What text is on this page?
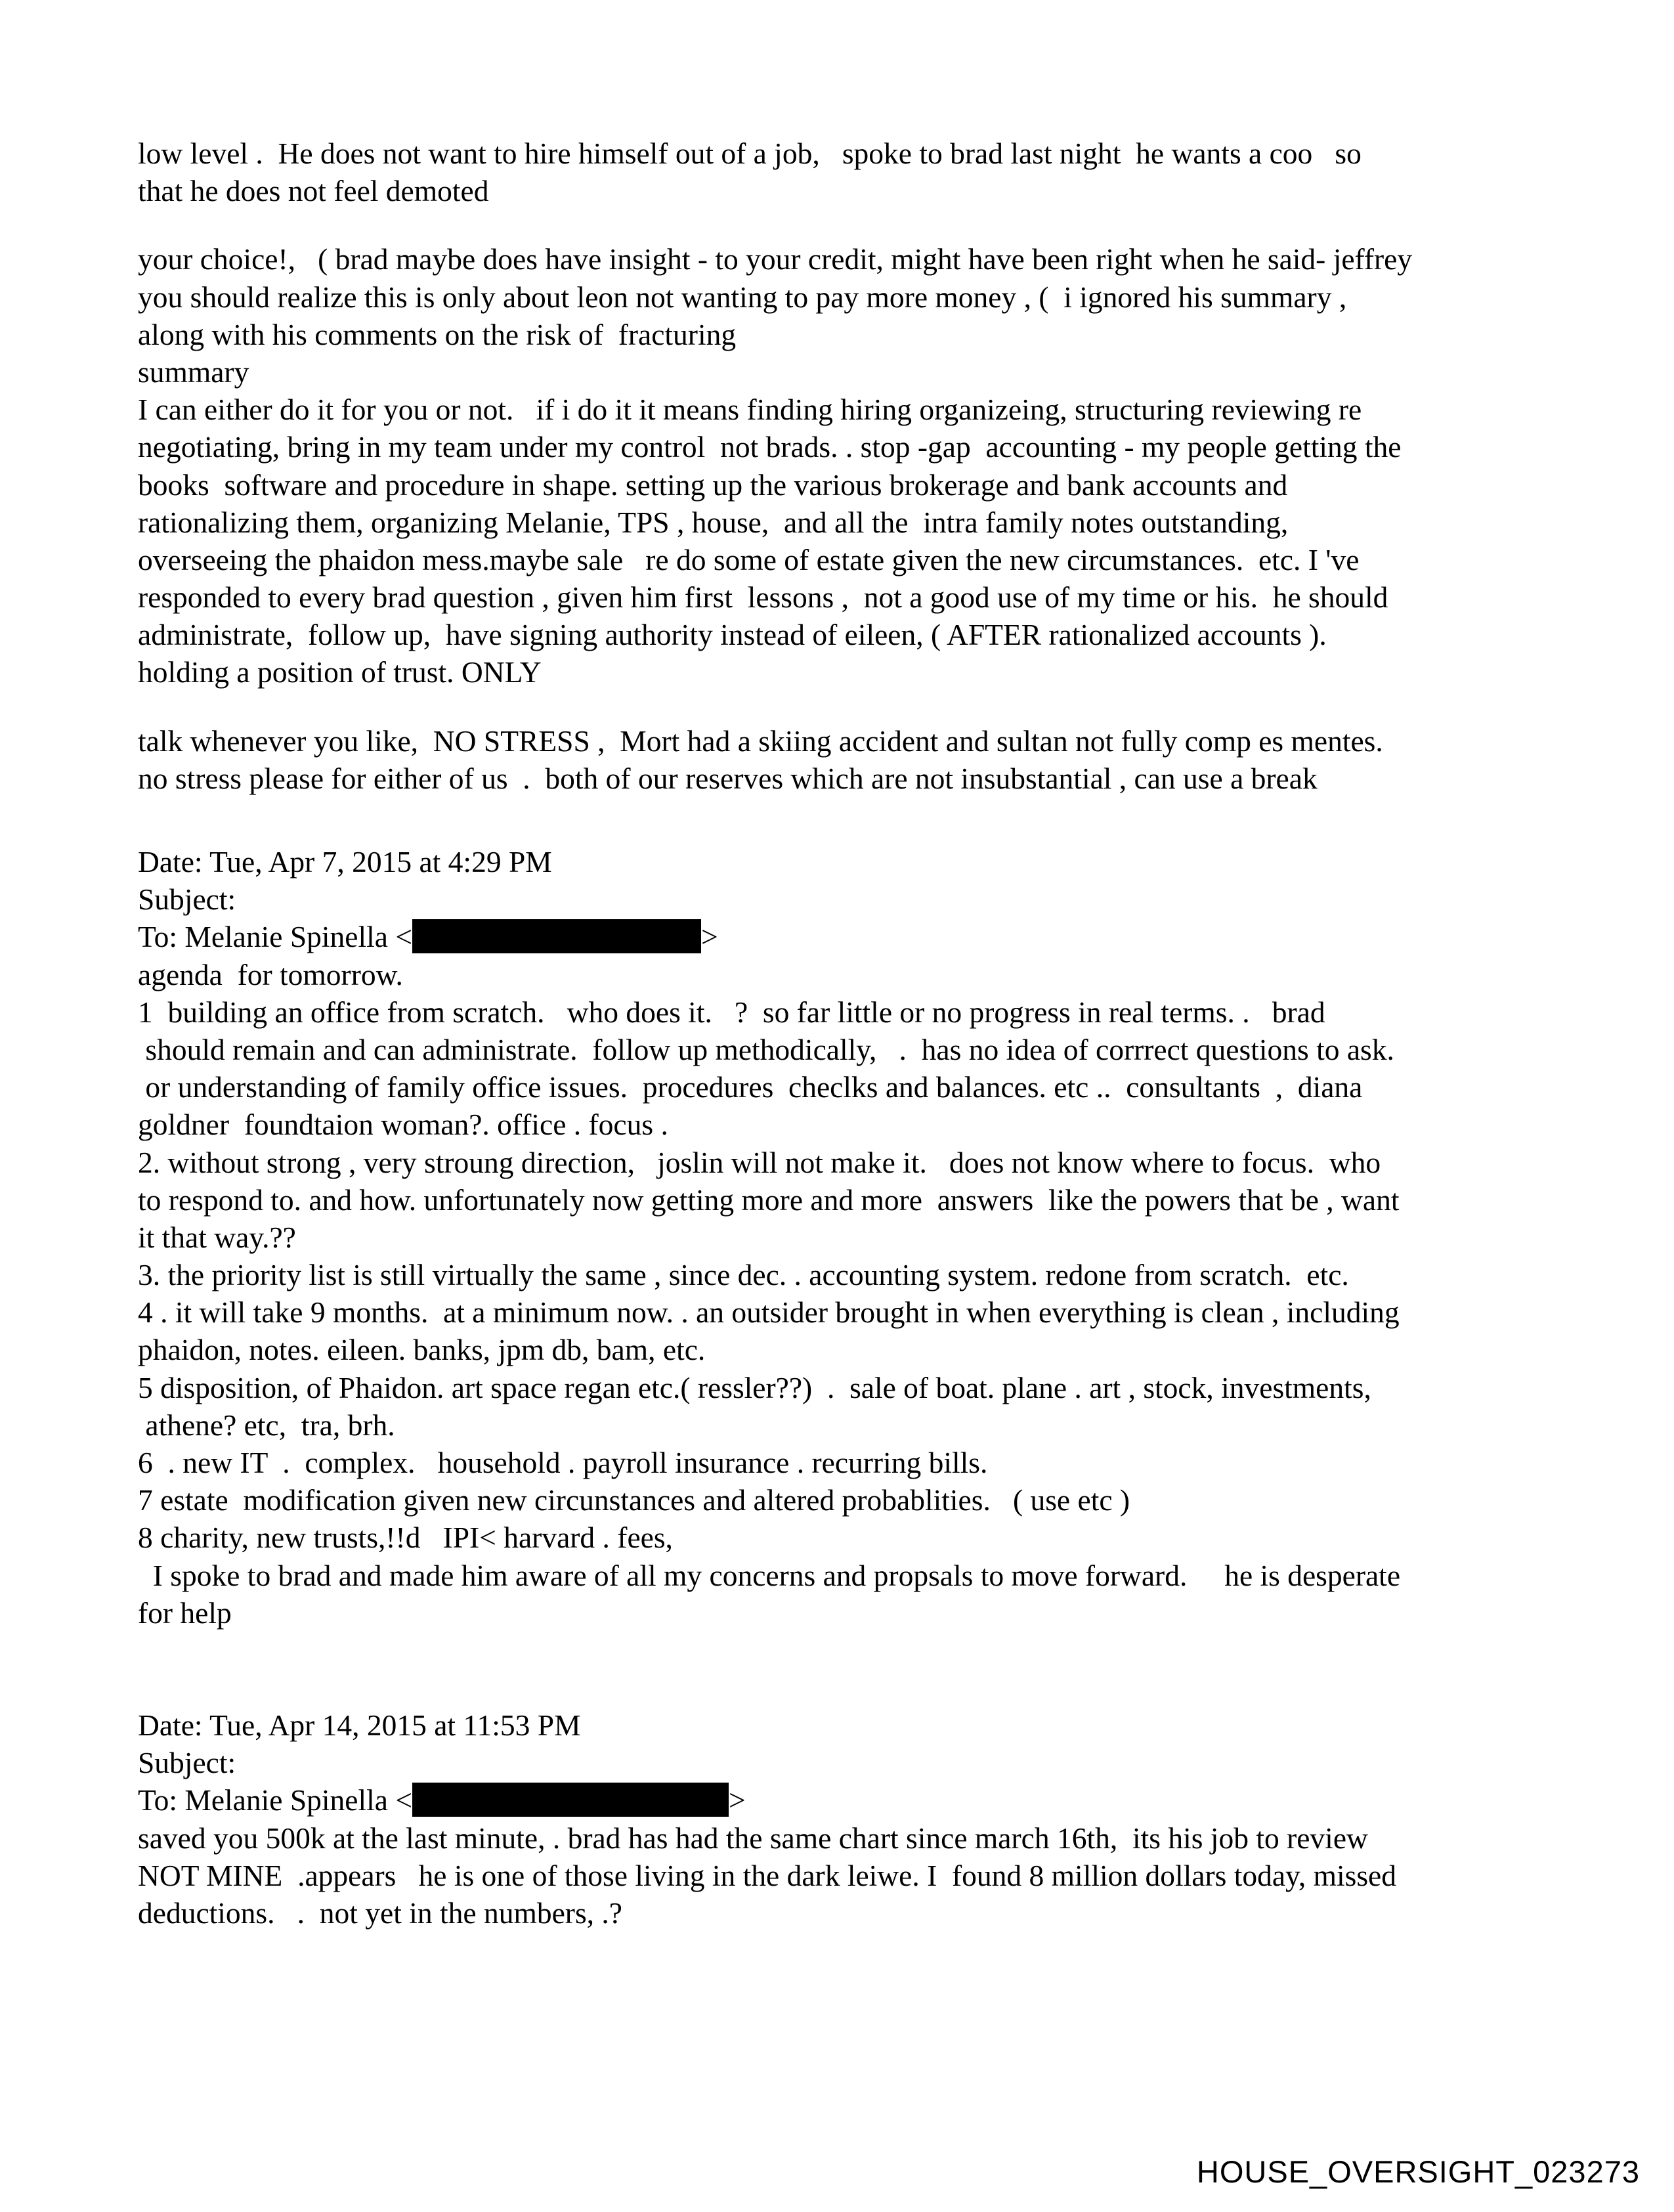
low level .  He does not want to hire himself out of a job,   spoke to brad last night  he wants a coo   so
that he does not feel demoted
your choice!,   ( brad maybe does have insight - to your credit, might have been right when he said- jeffrey
you should realize this is only about leon not wanting to pay more money , (  i ignored his summary ,
along with his comments on the risk of  fracturing
summary
I can either do it for you or not.   if i do it it means finding hiring organizeing, structuring reviewing re
negotiating, bring in my team under my control  not brads. . stop -gap  accounting - my people getting the
books  software and procedure in shape. setting up the various brokerage and bank accounts and
rationalizing them, organizing Melanie, TPS , house,  and all the  intra family notes outstanding,
overseeing the phaidon mess.maybe sale   re do some of estate given the new circumstances.  etc. I 've
responded to every brad question , given him first  lessons ,  not a good use of my time or his.  he should
administrate,  follow up,  have signing authority instead of eileen, ( AFTER rationalized accounts ).
holding a position of trust. ONLY
talk whenever you like,  NO STRESS ,  Mort had a skiing accident and sultan not fully comp es mentes.
no stress please for either of us  .  both of our reserves which are not insubstantial , can use a break
Date: Tue, Apr 7, 2015 at 4:29 PM
Subject:
To: Melanie Spinella <	>
agenda  for tomorrow.
1  building an office from scratch.   who does it.   ?  so far little or no progress in real terms. .   brad
should remain and can administrate.  follow up methodically,   .  has no idea of corrrect questions to ask.
or understanding of family office issues.  procedures  checlks and balances. etc ..  consultants  ,  diana
goldner  foundtaion woman?. office . focus .
2. without strong , very stroung direction,   joslin will not make it.   does not know where to focus.  who
to respond to. and how. unfortunately now getting more and more  answers  like the powers that be , want
it that way.??
3. the priority list is still virtually the same , since dec. . accounting system. redone from scratch.  etc.
4 . it will take 9 months.  at a minimum now. . an outsider brought in when everything is clean , including
phaidon, notes. eileen. banks, jpm db, bam, etc.
5 disposition, of Phaidon. art space regan etc.( ressler??)  .  sale of boat. plane . art , stock, investments,
athene? etc,  tra, brh.
6  . new IT  .  complex.   household . payroll insurance . recurring bills.
7 estate  modification given new circunstances and altered probablities.   ( use etc )
8 charity, new trusts,!!d   IPI< harvard . fees,
I spoke to brad and made him aware of all my concerns and propsals to move forward.     he is desperate
for help
Date: Tue, Apr 14, 2015 at 11:53 PM
Subject:
To: Melanie Spinella <	>
saved you 500k at the last minute, . brad has had the same chart since march 16th,  its his job to review
NOT MINE  .appears   he is one of those living in the dark leiwe. I  found 8 million dollars today, missed
deductions.   .  not yet in the numbers, .?
HOUSE_OVERSIGHT_023273
